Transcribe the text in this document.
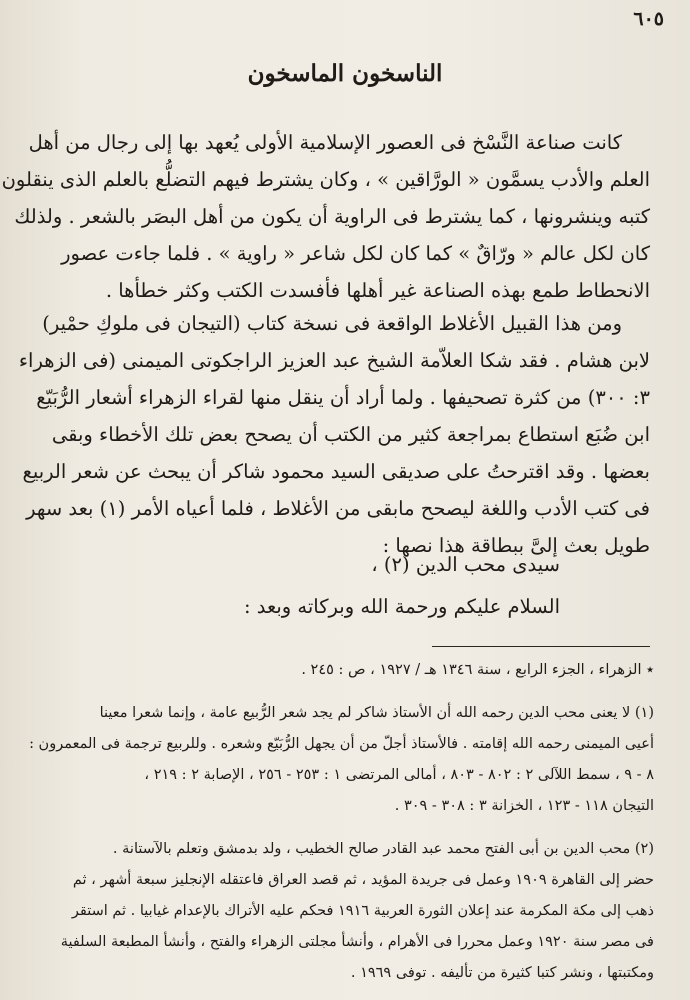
٦٠٥
الناسخون الماسخون
كانت صناعة النَّسْخ فى العصور الإسلامية الأولى يُعهد بها إلى رجال من أهل
العلم والأدب يسمَّون « الورَّاقين » ، وكان يشترط فيهم التضلُّع بالعلم الذى ينقلون
كتبه وينشرونها ، كما يشترط فى الراوية أن يكون من أهل البصَر بالشعر . ولذلك
كان لكل عالم « ورّاقٌ » كما كان لكل شاعر « راوية » . فلما جاءت عصور
الانحطاط طمع بهذه الصناعة غير أهلها فأفسدت الكتب وكثر خطأها .
ومن هذا القبيل الأغلاط الواقعة فى نسخة كتاب (التيجان فى ملوكِ حمْير)
لابن هشام . فقد شكا العلاّمة الشيخ عبد العزيز الراجكوتى الميمنى (فى الزهراء
٣: ٣٠٠) من كثرة تصحيفها . ولما أراد أن ينقل منها لقراء الزهراء أشعار الرُّبَيّع
ابن ضُبَع استطاع بمراجعة كثير من الكتب أن يصحح بعض تلك الأخطاء وبقى
بعضها . وقد اقترحتُ على صديقى السيد محمود شاكر أن يبحث عن شعر الربيع
فى كتب الأدب واللغة ليصحح مابقى من الأغلاط ، فلما أعياه الأمر (١) بعد سهر
طويل بعث إلىَّ ببطاقة هذا نصها :
سيدى محب الدين (٢) ،
السلام عليكم ورحمة الله وبركاته وبعد :
٭ الزهراء ، الجزء الرابع ، سنة ١٣٤٦ هـ / ١٩٢٧ ، ص : ٢٤٥ .
(١) لا يعنى محب الدين رحمه الله أن الأستاذ شاكر لم يجد شعر الرُّبيع عامة ، وإنما شعرا معينا
أعيى الميمنى رحمه الله إقامته . فالأستاذ أجلّ من أن يجهل الرُّبَيّع وشعره . وللربيع ترجمة فى المعمرون :
٨ - ٩ ، سمط اللآلى ٢ : ٨٠٢ - ٨٠٣ ، أمالى المرتضى ١ : ٢٥٣ - ٢٥٦ ، الإصابة ٢ : ٢١٩ ،
التيجان ١١٨ - ١٢٣ ، الخزانة ٣ : ٣٠٨ - ٣٠٩ .
(٢) محب الدين بن أبى الفتح محمد عبد القادر صالح الخطيب ، ولد بدمشق وتعلم بالآستانة .
حضر إلى القاهرة ١٩٠٩ وعمل فى جريدة المؤيد ، ثم قصد العراق فاعتقله الإنجليز سبعة أشهر ، ثم
ذهب إلى مكة المكرمة عند إعلان الثورة العربية ١٩١٦ فحكم عليه الأتراك بالإعدام غيابيا . ثم استقر
فى مصر سنة ١٩٢٠ وعمل محررا فى الأهرام ، وأنشأ مجلتى الزهراء والفتح ، وأنشأ المطبعة السلفية
ومكتبتها ، ونشر كتبا كثيرة من تأليفه . توفى ١٩٦٩ .
